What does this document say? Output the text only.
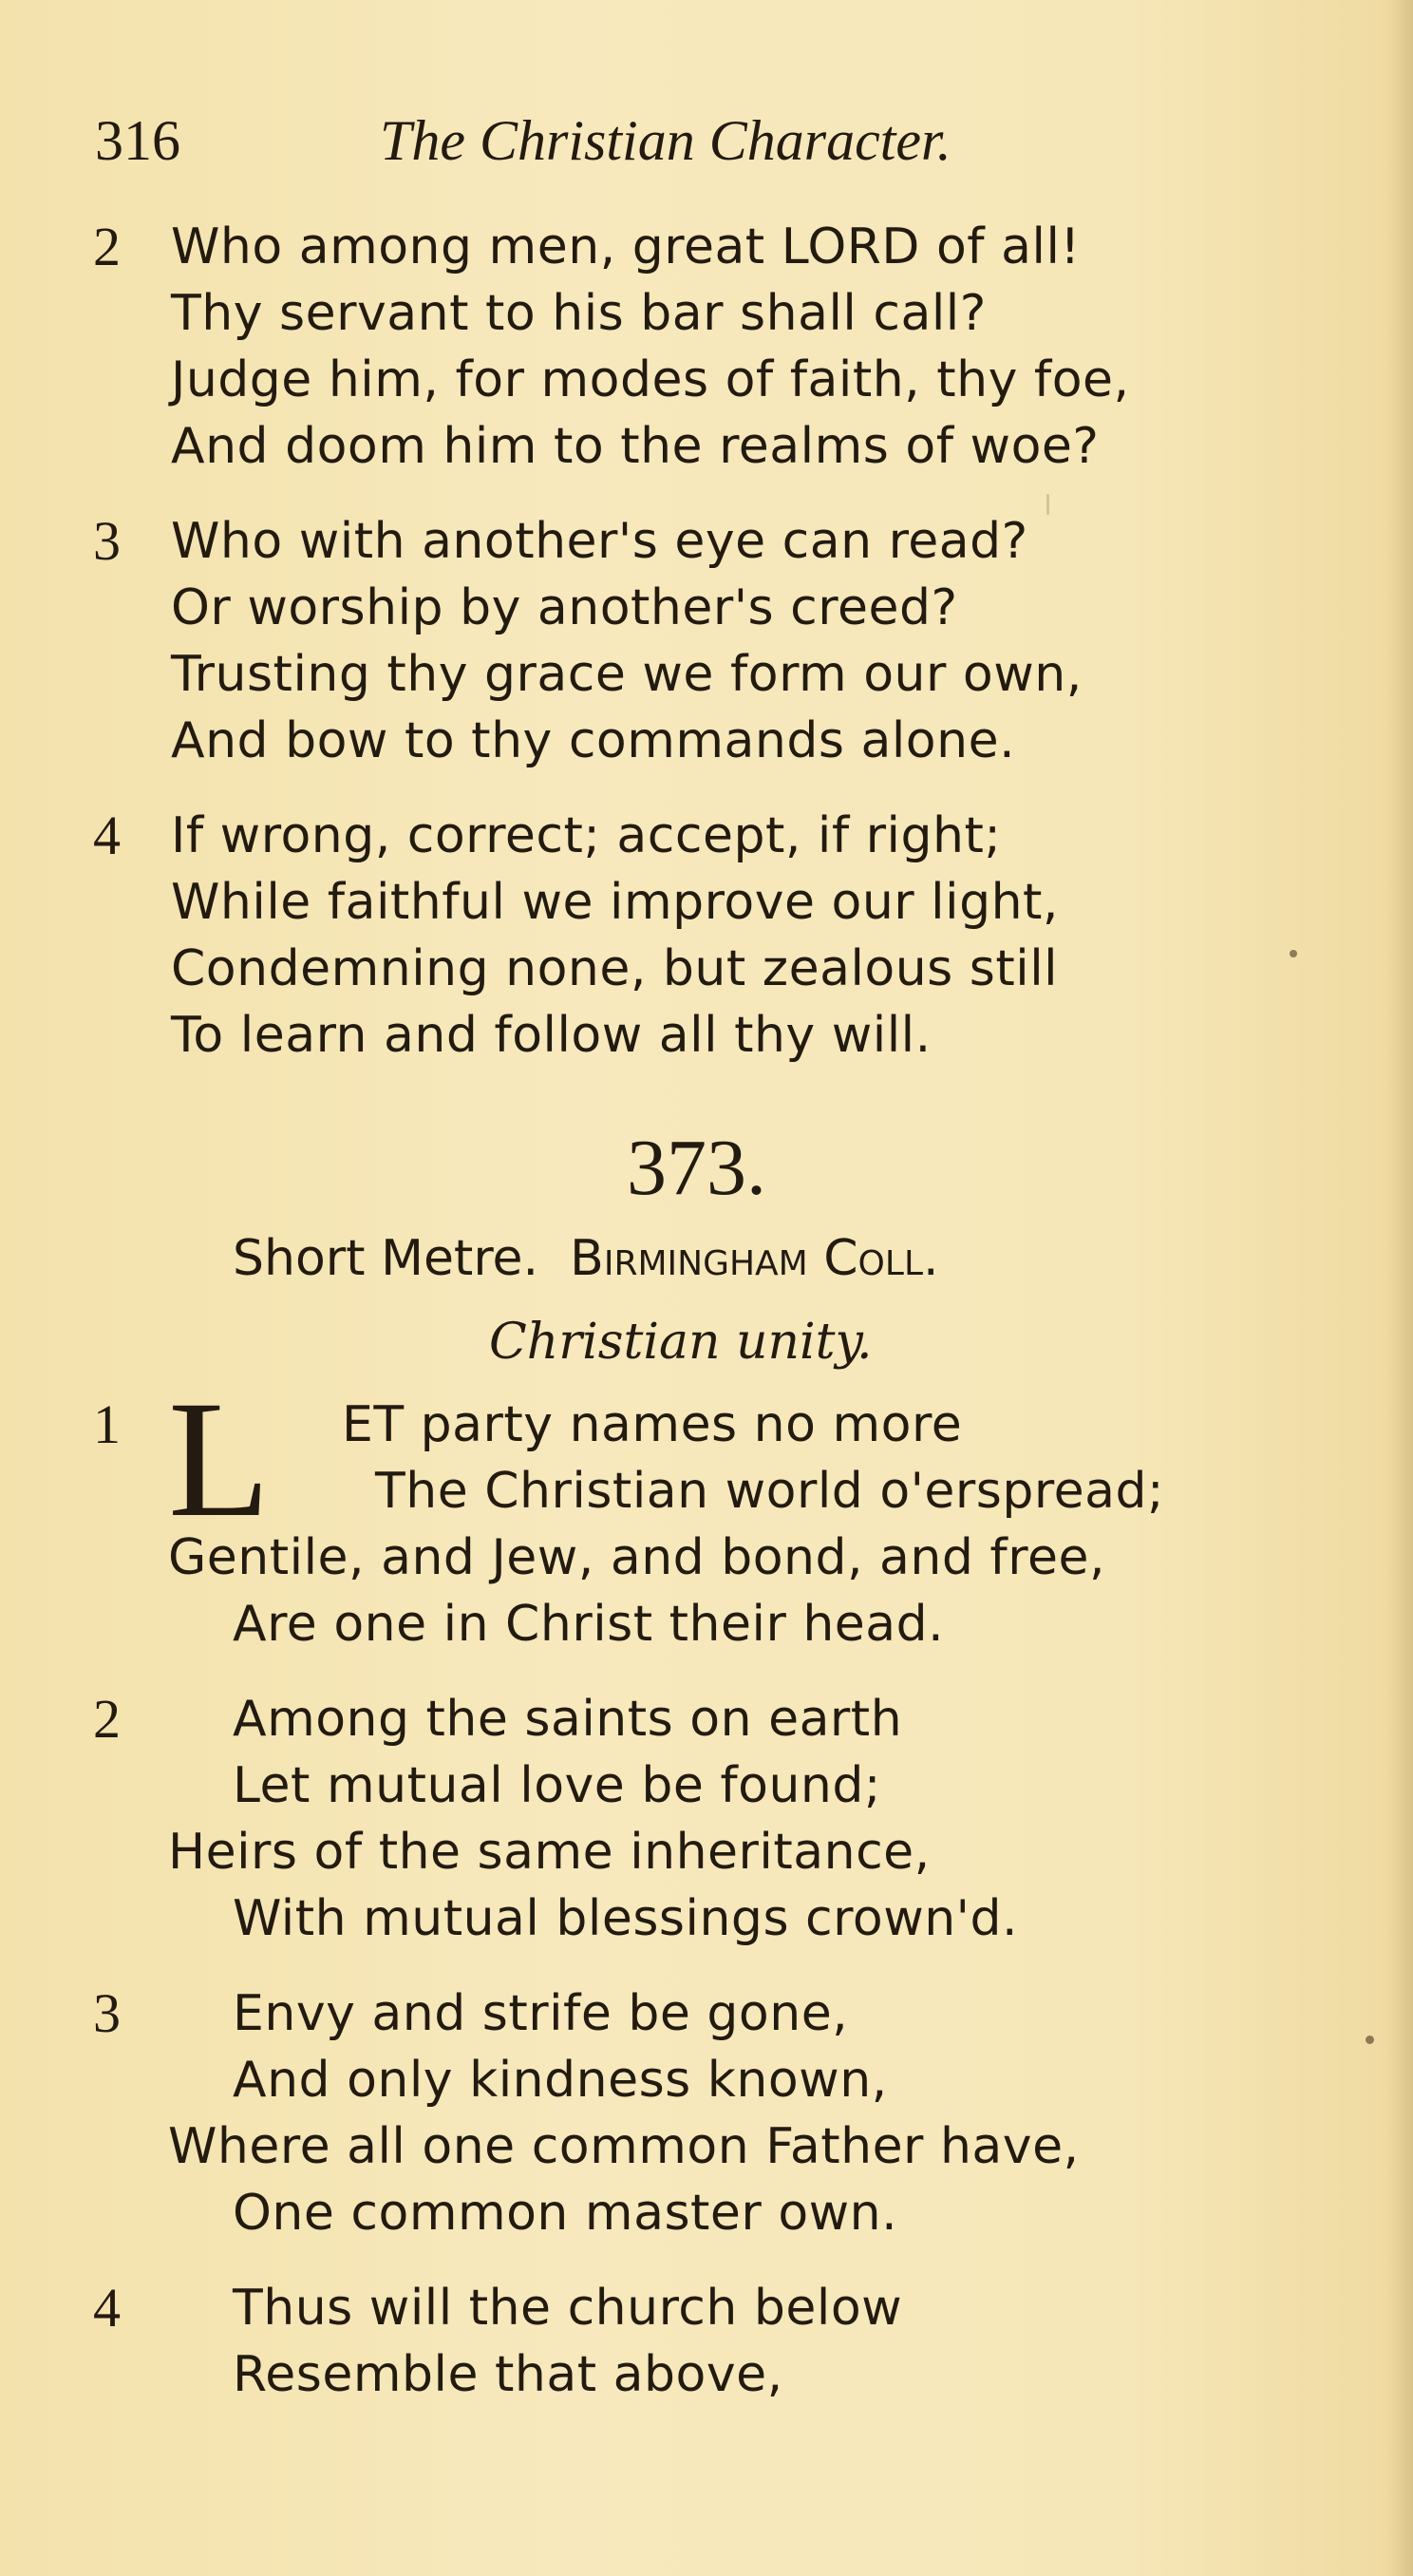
316	The Christian Character.
2 Who among men, great LORD of all!
Thy servant to his bar shall call?
Judge him, for modes of faith, thy foe,
And doom him to the realms of woe?
3 Who with another's eye can read?
Or worship by another's creed?
Trusting thy grace we form our own,
And bow to thy commands alone.
4 If wrong, correct; accept, if right;
While faithful we improve our light,
Condemning none, but zealous still
To learn and follow all thy will.
373.
Short Metre. Birmingham Coll.
Christian unity.
1 L ET party names no more
The Christian world o'erspread;
Gentile, and Jew, and bond, and free,
Are one in Christ their head.
2 Among the saints on earth
Let mutual love be found;
Heirs of the same inheritance,
With mutual blessings crown'd.
3 Envy and strife be gone,
And only kindness known,
Where all one common Father have,
One common master own.
4 Thus will the church below
Resemble that above,
